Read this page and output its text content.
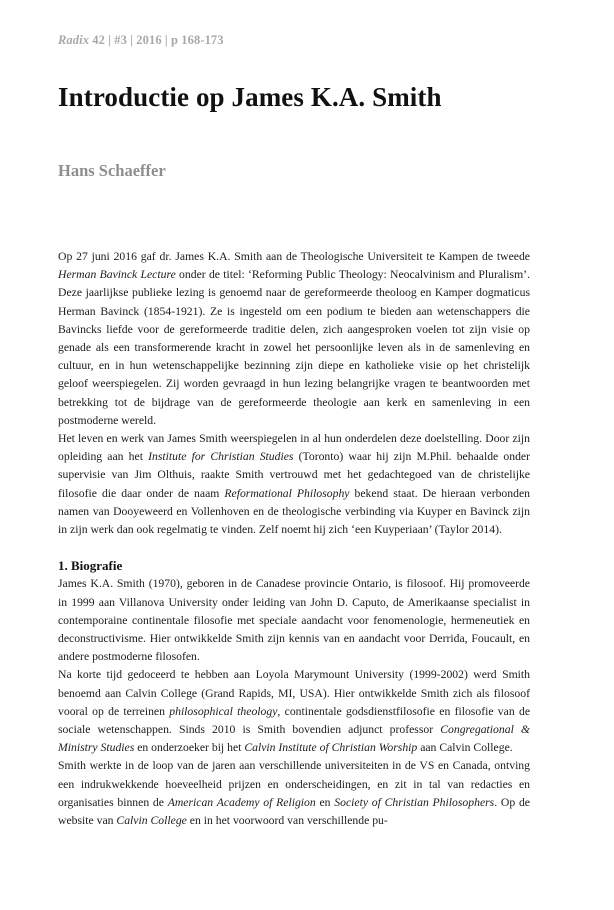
Radix 42 | #3 | 2016 | p 168-173
Introductie op James K.A. Smith
Hans Schaeffer

Op 27 juni 2016 gaf dr. James K.A. Smith aan de Theologische Universiteit te Kampen de tweede Herman Bavinck Lecture onder de titel: ‘Reforming Public Theology: Neocalvinism and Pluralism’. Deze jaarlijkse publieke lezing is genoemd naar de gereformeerde theoloog en Kamper dogmaticus Herman Bavinck (1854-1921). Ze is ingesteld om een podium te bieden aan wetenschappers die Bavincks liefde voor de gereformeerde traditie delen, zich aangesproken voelen tot zijn visie op genade als een transformerende kracht in zowel het persoonlijke leven als in de samenleving en cultuur, en in hun wetenschappelijke bezinning zijn diepe en katholieke visie op het christelijk geloof weerspiegelen. Zij worden gevraagd in hun lezing belangrijke vragen te beantwoorden met betrekking tot de bijdrage van de gereformeerde theologie aan kerk en samenleving in een postmoderne wereld.

Het leven en werk van James Smith weerspiegelen in al hun onderdelen deze doelstelling. Door zijn opleiding aan het Institute for Christian Studies (Toronto) waar hij zijn M.Phil. behaalde onder supervisie van Jim Olthuis, raakte Smith vertrouwd met het gedachtegoed van de christelijke filosofie die daar onder de naam Reformational Philosophy bekend staat. De hieraan verbonden namen van Dooyeweerd en Vollenhoven en de theologische verbinding via Kuyper en Bavinck zijn in zijn werk dan ook regelmatig te vinden. Zelf noemt hij zich ‘een Kuyperiaan’ (Taylor 2014).

1. Biografie

James K.A. Smith (1970), geboren in de Canadese provincie Ontario, is filosoof. Hij promoveerde in 1999 aan Villanova University onder leiding van John D. Caputo, de Amerikaanse specialist in contemporaine continentale filosofie met speciale aandacht voor fenomenologie, hermeneutiek en deconstructivisme. Hier ontwikkelde Smith zijn kennis van en aandacht voor Derrida, Foucault, en andere postmoderne filosofen.

Na korte tijd gedoceerd te hebben aan Loyola Marymount University (1999-2002) werd Smith benoemd aan Calvin College (Grand Rapids, MI, USA). Hier ontwikkelde Smith zich als filosoof vooral op de terreinen philosophical theology, continentale godsdienstfilosofie en filosofie van de sociale wetenschappen. Sinds 2010 is Smith bovendien adjunct professor Congregational & Ministry Studies en onderzoeker bij het Calvin Institute of Christian Worship aan Calvin College.

Smith werkte in de loop van de jaren aan verschillende universiteiten in de VS en Canada, ontving een indrukwekkende hoeveelheid prijzen en onderscheidingen, en zit in tal van redacties en organisaties binnen de American Academy of Religion en Society of Christian Philosophers. Op de website van Calvin College en in het voorwoord van verschillende pu-
